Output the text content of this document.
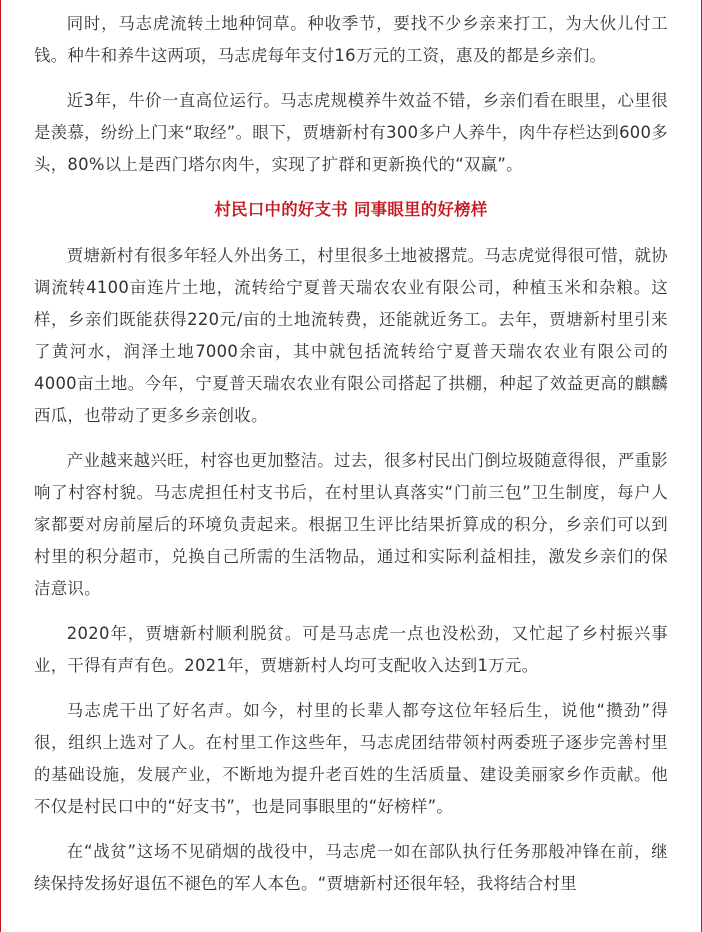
同时，马志虎流转土地种饲草。种收季节，要找不少乡亲来打工，为大伙儿付工钱。种牛和养牛这两项，马志虎每年支付16万元的工资，惠及的都是乡亲们。

近3年，牛价一直高位运行。马志虎规模养牛效益不错，乡亲们看在眼里，心里很是羡慕，纷纷上门来“取经”。眼下，贾塘新村有300多户人养牛，肉牛存栏达到600多头，80%以上是西门塔尔肉牛，实现了扩群和更新换代的“双赢”。

村民口中的好支书 同事眼里的好榜样

贾塘新村有很多年轻人外出务工，村里很多土地被撂荒。马志虎觉得很可惜，就协调流转4100亩连片土地，流转给宁夏普天瑞农农业有限公司，种植玉米和杂粮。这样，乡亲们既能获得220元/亩的土地流转费，还能就近务工。去年，贾塘新村里引来了黄河水，润泽土地7000余亩，其中就包括流转给宁夏普天瑞农农业有限公司的4000亩土地。今年，宁夏普天瑞农农业有限公司搭起了拱棚，种起了效益更高的麒麟西瓜，也带动了更多乡亲创收。

产业越来越兴旺，村容也更加整洁。过去，很多村民出门倒垃圾随意得很，严重影响了村容村貌。马志虎担任村支书后，在村里认真落实“门前三包”卫生制度，每户人家都要对房前屋后的环境负责起来。根据卫生评比结果折算成的积分，乡亲们可以到村里的积分超市，兑换自己所需的生活物品，通过和实际利益相挂，激发乡亲们的保洁意识。

2020年，贾塘新村顺利脱贫。可是马志虎一点也没松劲，又忙起了乡村振兴事业，干得有声有色。2021年，贾塘新村人均可支配收入达到1万元。

马志虎干出了好名声。如今，村里的长辈人都夸这位年轻后生，说他“攒劲”得很，组织上选对了人。在村里工作这些年，马志虎团结带领村两委班子逐步完善村里的基础设施，发展产业，不断地为提升老百姓的生活质量、建设美丽家乡作贡献。他不仅是村民口中的“好支书”，也是同事眼里的“好榜样”。

在“战贫”这场不见硝烟的战役中，马志虎一如在部队执行任务那般冲锋在前，继续保持发扬好退伍不褪色的军人本色。“贾塘新村还很年轻，我将结合村里
